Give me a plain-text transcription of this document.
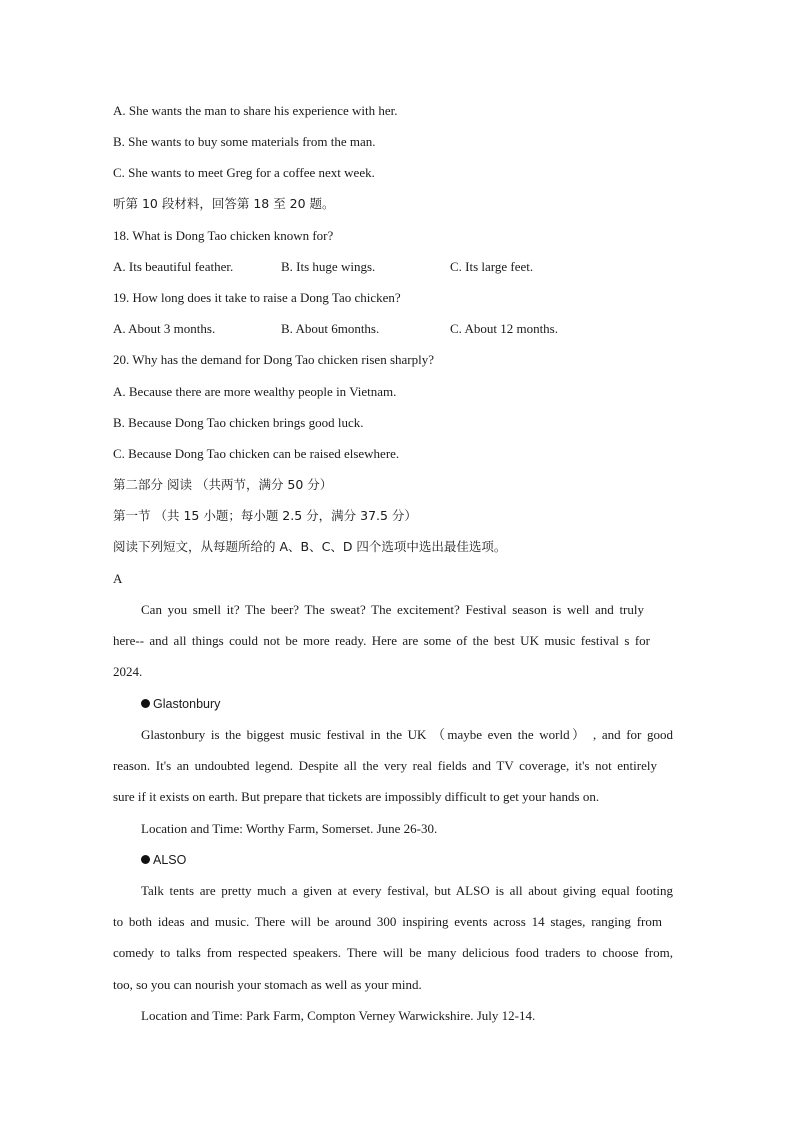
A. She wants the man to share his experience with her.
B. She wants to buy some materials from the man.
C. She wants to meet Greg for a coffee next week.
听第 10 段材料，回答第 18 至 20 题。
18. What is Dong Tao chicken known for?
A. Its beautiful feather.	B. Its huge wings.	C. Its large feet.
19. How long does it take to raise a Dong Tao chicken?
A. About 3 months.	B. About 6months.	C. About 12 months.
20. Why has the demand for Dong Tao chicken risen sharply?
A. Because there are more wealthy people in Vietnam.
B. Because Dong Tao chicken brings good luck.
C. Because Dong Tao chicken can be raised elsewhere.
第二部分 阅读 （共两节，满分 50 分）
第一节 （共 15 小题；每小题 2.5 分，满分 37.5 分）
阅读下列短文，从每题所给的 A、B、C、D 四个选项中选出最佳选项。
A
Can you smell it? The beer? The sweat? The excitement? Festival season is well and truly
here-- and all things could not be more ready. Here are some of the best UK music festival s for
2024.
Glastonbury
Glastonbury is the biggest music festival in the UK （maybe even the world） , and for good
reason. It's an undoubted legend. Despite all the very real fields and TV coverage, it's not entirely
sure if it exists on earth. But prepare that tickets are impossibly difficult to get your hands on.
Location and Time: Worthy Farm, Somerset. June 26-30.
ALSO
Talk tents are pretty much a given at every festival, but ALSO is all about giving equal footing
to both ideas and music. There will be around 300 inspiring events across 14 stages, ranging from
comedy to talks from respected speakers. There will be many delicious food traders to choose from,
too, so you can nourish your stomach as well as your mind.
Location and Time: Park Farm, Compton Verney Warwickshire. July 12-14.
